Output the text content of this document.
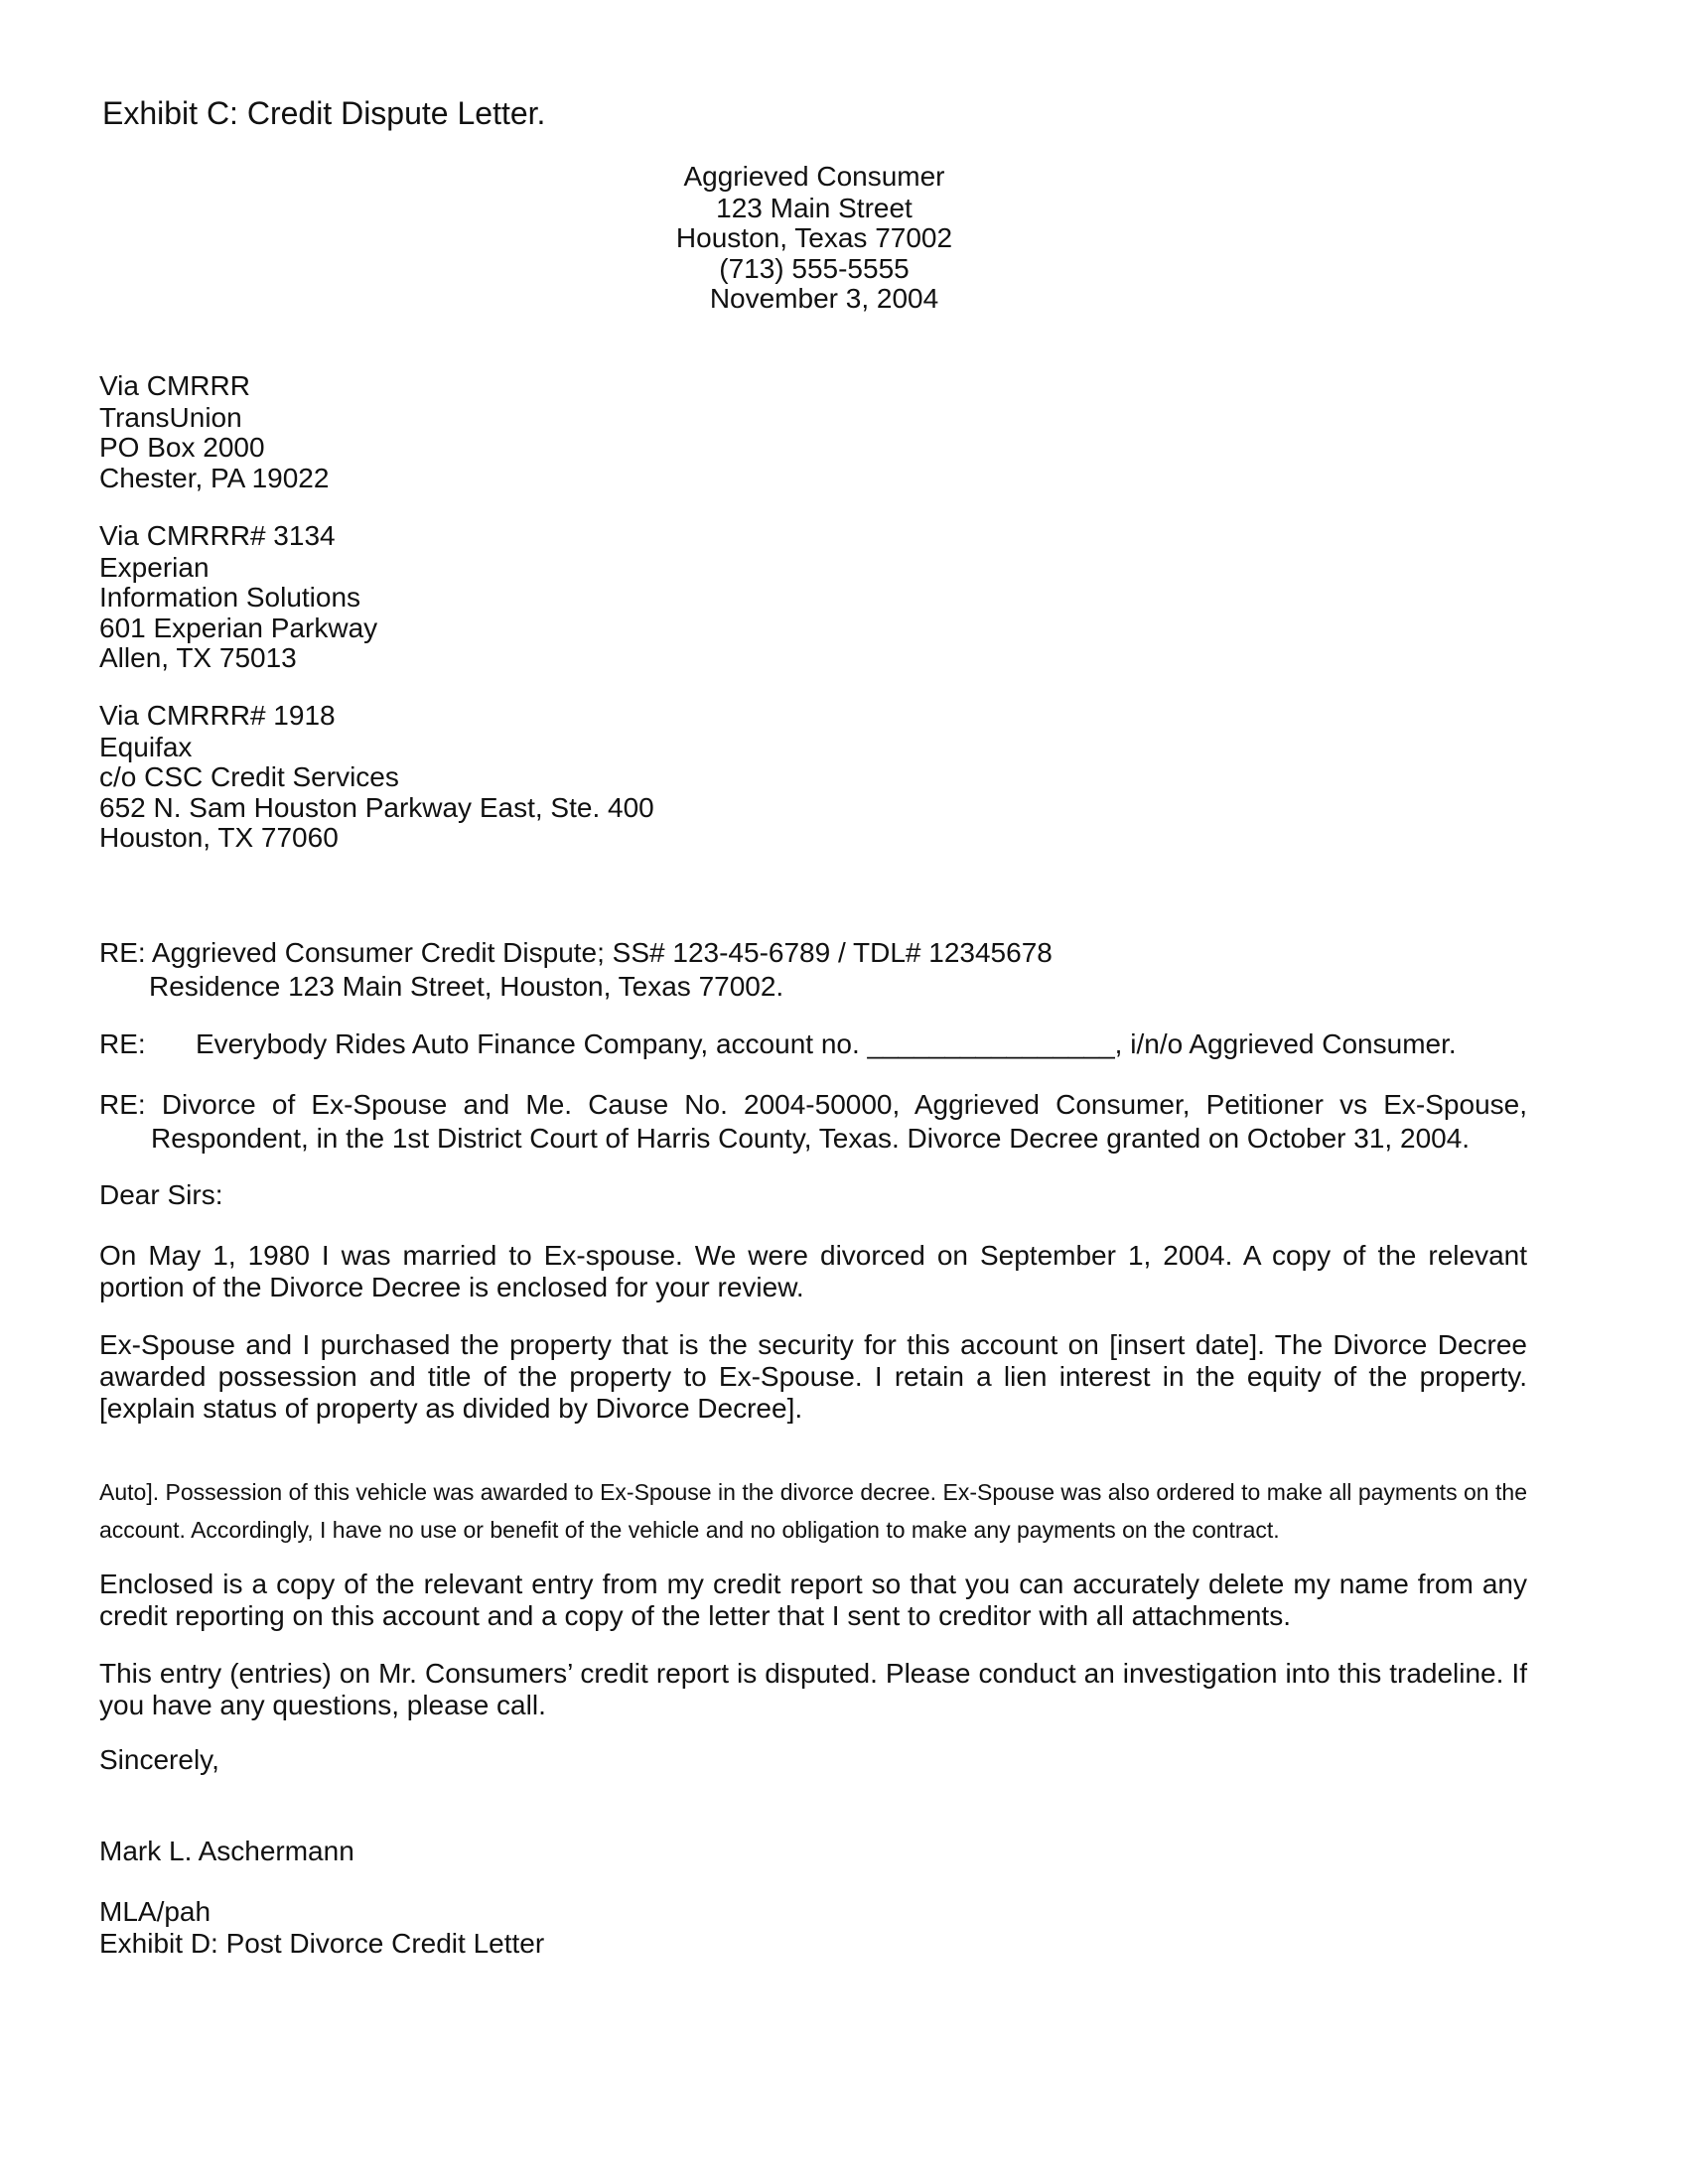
Exhibit C: Credit Dispute Letter.
Aggrieved Consumer
123 Main Street
Houston, Texas 77002
(713) 555-5555
November 3, 2004
Via CMRRR
TransUnion
PO Box 2000
Chester, PA 19022
Via CMRRR# 3134
Experian
Information Solutions
601 Experian Parkway
Allen, TX 75013
Via CMRRR# 1918
Equifax
c/o CSC Credit Services
652 N. Sam Houston Parkway East, Ste. 400
Houston, TX 77060
RE: Aggrieved Consumer Credit Dispute; SS# 123-45-6789 / TDL# 12345678
Residence 123 Main Street, Houston, Texas 77002.
RE: Everybody Rides Auto Finance Company, account no. ________________, i/n/o Aggrieved Consumer.
RE: Divorce of Ex-Spouse and Me. Cause No. 2004-50000, Aggrieved Consumer, Petitioner vs Ex-Spouse,
Respondent, in the 1st District Court of Harris County, Texas. Divorce Decree granted on October 31, 2004.
Dear Sirs:
On May 1, 1980 I was married to Ex-spouse. We were divorced on September 1, 2004. A copy of the relevant portion of the Divorce Decree is enclosed for your review.
Ex-Spouse and I purchased the property that is the security for this account on [insert date]. The Divorce Decree awarded possession and title of the property to Ex-Spouse. I retain a lien interest in the equity of the property. [explain status of property as divided by Divorce Decree].
Auto]. Possession of this vehicle was awarded to Ex-Spouse in the divorce decree. Ex-Spouse was also ordered to make all payments on the account. Accordingly, I have no use or benefit of the vehicle and no obligation to make any payments on the contract.
Enclosed is a copy of the relevant entry from my credit report so that you can accurately delete my name from any credit reporting on this account and a copy of the letter that I sent to creditor with all attachments.
This entry (entries) on Mr. Consumers’ credit report is disputed. Please conduct an investigation into this tradeline. If you have any questions, please call.
Sincerely,
Mark L. Aschermann
MLA/pah
Exhibit D: Post Divorce Credit Letter
